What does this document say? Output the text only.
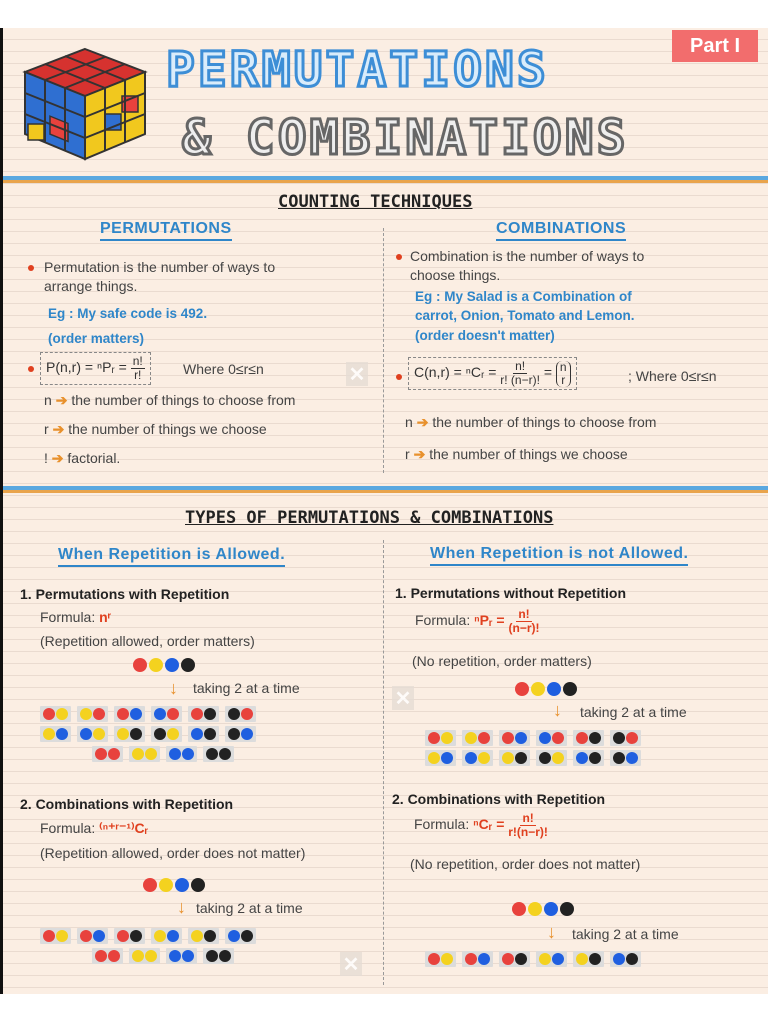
Part I
PERMUTATIONS
& COMBINATIONS
COUNTING TECHNIQUES
PERMUTATIONS	COMBINATIONS
Permutation is the number of ways to
arrange things.
Eg : My safe code is 492.
(order matters)
P(n,r) = ⁿPᵣ = $\frac{n!}{r!}$	Where 0≤r≤n	✕
n ➔ the number of things to choose from
r ➔ the number of things we choose
! ➔ factorial.
Combination is the number of ways to
choose things.
Eg : My Salad is a Combination of
carrot, Onion, Tomato and Lemon.
(order doesn't matter)
C(n,r) = ⁿCᵣ = $\frac{n!}{r! (n-r)!} = n$
r	; Where 0≤r≤n
n ➔ the number of things to choose from
r ➔ the number of things we choose
TYPES OF PERMUTATIONS & COMBINATIONS
When Repetition is Allowed.	When Repetition is not Allowed.
1. Permutations with Repetition
Formula: nʳ
(Repetition allowed, order matters)
↓ taking 2 at a time	✕
1. Permutations without Repetition
Formula: ⁿPᵣ = $\frac{n!}{(n-r)!}$
(No repetition, order matters)
↓ taking 2 at a time
2. Combinations with Repetition
Formula: ⁽ⁿ⁺ʳ⁻¹⁾Cᵣ
(Repetition allowed, order does not matter)
↓ taking 2 at a time
✕
2. Combinations with Repetition
Formula: ⁿCᵣ = $\frac{n!}{r!(n-r)!}$
(No repetition, order does not matter)
↓ taking 2 at a time
